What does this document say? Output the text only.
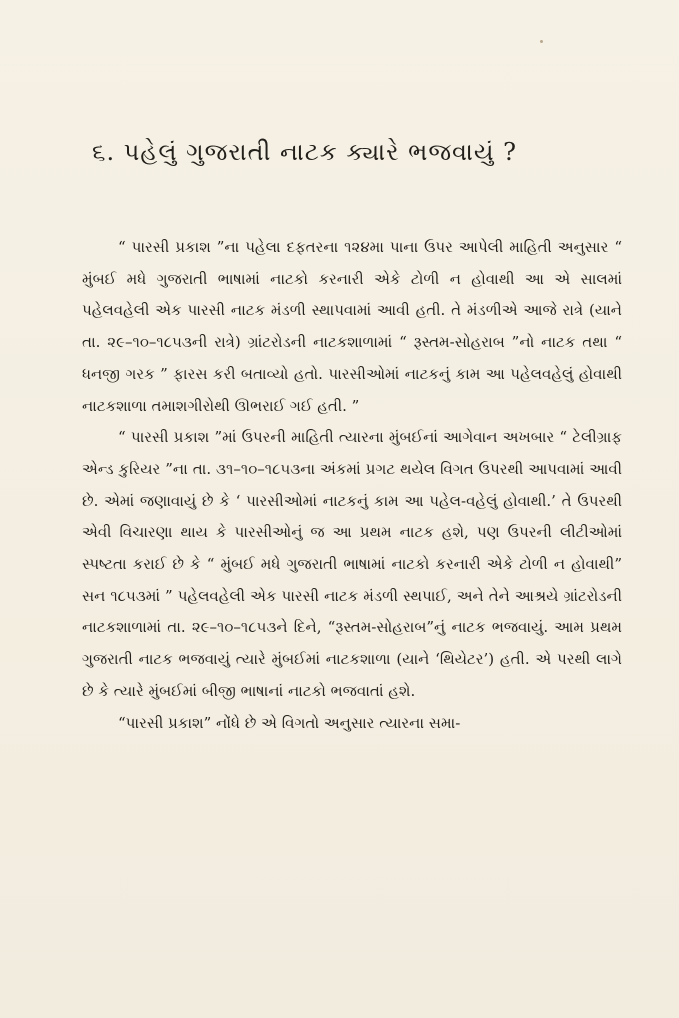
૬. પહેલું ગુજરાતી નાટક ક્યારે ભજવાયું ?

“ પારસી પ્રકાશ ”ના પહેલા દફતરના ૧૨૪મા પાના ઉપર આપેલી માહિતી અનુસાર “ મુંબઈ મધે ગુજરાતી ભાષામાં નાટકો કરનારી એકે ટોળી ન હોવાથી આ એ સાલમાં પહેલવહેલી એક પારસી નાટક મંડળી સ્થાપવામાં આવી હતી. તે મંડળીએ આજે રાત્રે (યાને તા. ૨૯–૧૦–૧૮૫૩ની રાત્રે) ગ્રાંટરોડની નાટકશાળામાં “ રૂસ્તમ-સોહરાબ ”નો નાટક તથા “ ધનજી ગરક ” ફારસ કરી બતાવ્યો હતો. પારસીઓમાં નાટકનું કામ આ પહેલવહેલું હોવાથી નાટકશાળા તમાશગીરોથી ઊભરાઈ ગઈ હતી. ”

“ પારસી પ્રકાશ ”માં ઉપરની માહિતી ત્યારના મુંબઈનાં આગેવાન અખબાર “ ટેલીગ્રાફ એન્ડ કુરિયર ”ના તા. ૩૧–૧૦–૧૮૫૩ના અંકમાં પ્રગટ થયેલ વિગત ઉપરથી આપવામાં આવી છે. એમાં જણાવાયું છે કે ‘ પારસીઓમાં નાટકનું કામ આ પહેલ-વહેલું હોવાથી.’ તે ઉપરથી એવી વિચારણા થાય કે પારસીઓનું જ આ પ્રથમ નાટક હશે, પણ ઉપરની લીટીઓમાં સ્પષ્ટતા કરાઈ છે કે “ મુંબઈ મધે ગુજરાતી ભાષામાં નાટકો કરનારી એકે ટોળી ન હોવાથી” સન ૧૮૫૩માં ” પહેલવહેલી એક પારસી નાટક મંડળી સ્થપાઈ, અને તેને આશ્રયે ગ્રાંટરોડની નાટકશાળામાં તા. ૨૯–૧૦–૧૮૫૩ને દિને, “રૂસ્તમ-સોહરાબ”નું નાટક ભજવાયું. આમ પ્રથમ ગુજરાતી નાટક ભજવાયું ત્યારે મુંબઈમાં નાટકશાળા (યાને ‘થિયેટર’) હતી. એ પરથી લાગે છે કે ત્યારે મુંબઈમાં બીજી ભાષાનાં નાટકો ભજવાતાં હશે.

“પારસી પ્રકાશ” નોંધે છે એ વિગતો અનુસાર ત્યારના સમા-
